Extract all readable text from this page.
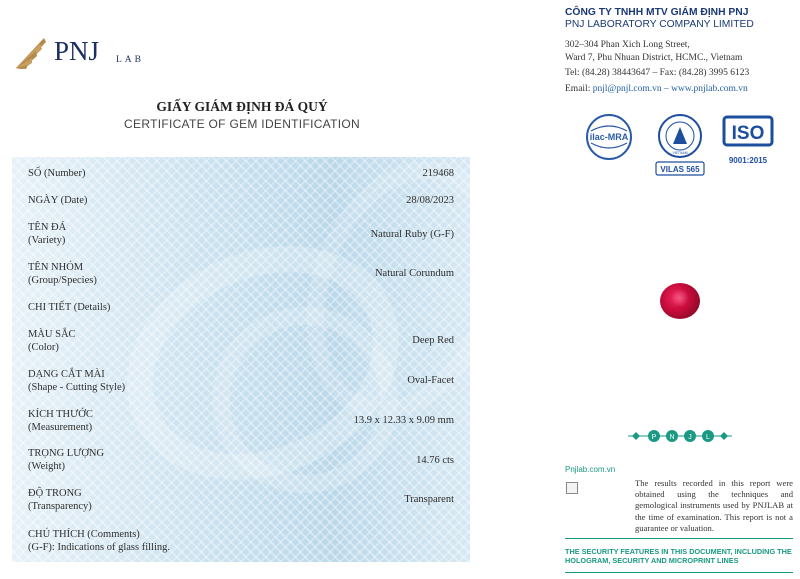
PNJ LAB
GIẤY GIÁM ĐỊNH ĐÁ QUÝ
CERTIFICATE OF GEM IDENTIFICATION
SỐ (Number)	219468
NGÀY (Date)	28/08/2023
TÊN ĐÁ
(Variety)
Natural Ruby (G-F)
TÊN NHÓM
(Group/Species)
Natural Corundum
CHI TIẾT (Details)
MÀU SẮC
(Color)
Deep Red
DẠNG CẮT MÀI
(Shape - Cutting Style)
Oval-Facet
KÍCH THƯỚC
(Measurement)
13.9 x 12.33 x 9.09 mm
TRỌNG LƯỢNG
(Weight)
14.76 cts
ĐỘ TRONG
(Transparency)
Transparent
CHÚ THÍCH (Comments)
(G-F): Indications of glass filling.
CÔNG TY TNHH MTV GIÁM ĐỊNH PNJ
PNJ LABORATORY COMPANY LIMITED
302–304 Phan Xich Long Street,
Ward 7, Phu Nhuan District, HCMC., Vietnam
Tel: (84.28) 38443647 – Fax: (84.28) 3995 6123
Email: pnjl@pnjl.com.vn – www.pnjlab.com.vn
ilac-MRA
VIETNAM
VILAS 565
ISO
9001:2015
P N J L
Pnjlab.com.vn
The results recorded in this report were obtained using the techniques and gemological instruments used by PNJLAB at the time of examination. This report is not a guarantee or valuation.
THE SECURITY FEATURES IN THIS DOCUMENT, INCLUDING THE HOLOGRAM, SECURITY AND MICROPRINT LINES
